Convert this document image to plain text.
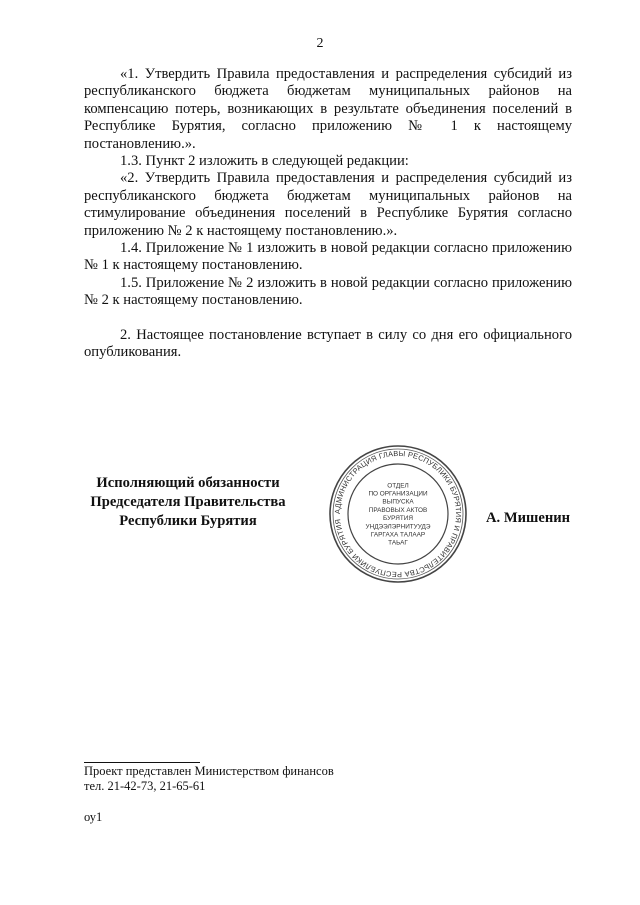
2

«1. Утвердить Правила предоставления и распределения субсидий из республиканского бюджета бюджетам муниципальных районов на компенсацию потерь, возникающих в результате объединения поселений в Республике Бурятия, согласно приложению № 1 к настоящему постановлению.».

1.3. Пункт 2 изложить в следующей редакции:

«2. Утвердить Правила предоставления и распределения субсидий из республиканского бюджета бюджетам муниципальных районов на стимулирование объединения поселений в Республике Бурятия согласно приложению № 2 к настоящему постановлению.».

1.4. Приложение № 1 изложить в новой редакции согласно приложению № 1 к настоящему постановлению.

1.5. Приложение № 2 изложить в новой редакции согласно приложению № 2 к настоящему постановлению.

2. Настоящее постановление вступает в силу со дня его официального опубликования.

Исполняющий обязанности
Председателя Правительства
Республики Бурятия
АДМИНИСТРАЦИЯ ГЛАВЫ РЕСПУБЛИКИ БУРЯТИЯ И ПРАВИТЕЛЬСТВА РЕСПУБЛИКИ БУРЯТИЯ
ОТДЕЛ
ПО ОРГАНИЗАЦИИ
ВЫПУСКА
ПРАВОВЫХ АКТОВ
БУРЯТИЯ
УНДЭЭЛЭРНИТУУДЭ
ГАРГАХА ТАЛААР
ТАЬАГ
А. Мишенин
Проект представлен Министерством финансов
тел. 21-42-73, 21-65-61
оу1
